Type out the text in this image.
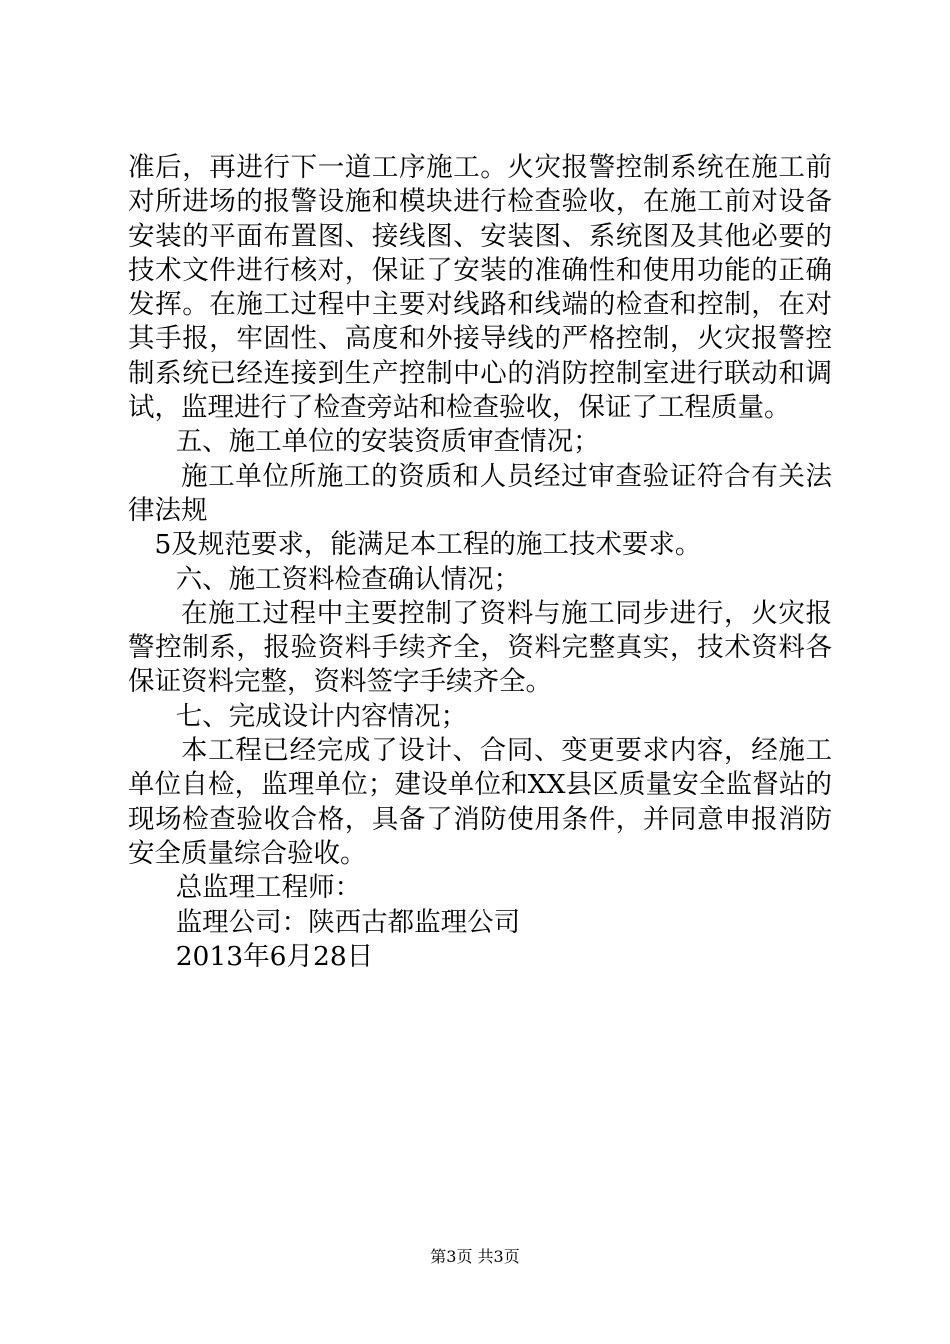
准后，再进行下一道工序施工。火灾报警控制系统在施工前对所进场的报警设施和模块进行检查验收，在施工前对设备安装的平面布置图、接线图、安装图、系统图及其他必要的技术文件进行核对，保证了安装的准确性和使用功能的正确发挥。在施工过程中主要对线路和线端的检查和控制，在对其手报，牢固性、高度和外接导线的严格控制，火灾报警控制系统已经连接到生产控制中心的消防控制室进行联动和调试，监理进行了检查旁站和检查验收，保证了工程质量。

五、施工单位的安装资质审查情况；

施工单位所施工的资质和人员经过审查验证符合有关法律法规

5及规范要求，能满足本工程的施工技术要求。

六、施工资料检查确认情况；

在施工过程中主要控制了资料与施工同步进行，火灾报警控制系，报验资料手续齐全，资料完整真实，技术资料各保证资料完整，资料签字手续齐全。

七、完成设计内容情况；

本工程已经完成了设计、合同、变更要求内容，经施工单位自检，监理单位；建设单位和XX县区质量安全监督站的现场检查验收合格，具备了消防使用条件，并同意申报消防安全质量综合验收。

总监理工程师：

监理公司：陕西古都监理公司

2013年6月28日

第3页 共3页
